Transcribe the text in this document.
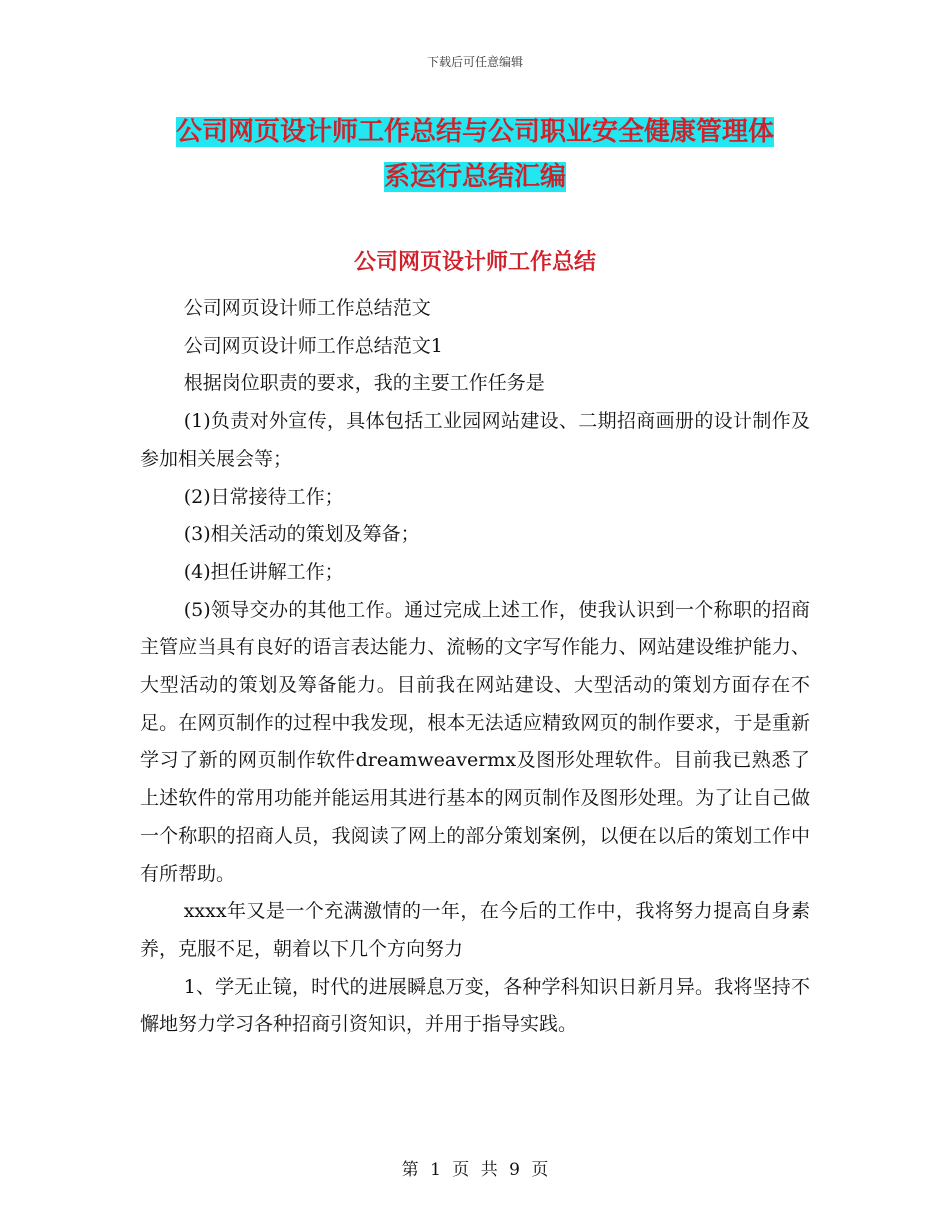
下载后可任意编辑
公司网页设计师工作总结与公司职业安全健康管理体
系运行总结汇编
公司网页设计师工作总结

公司网页设计师工作总结范文

公司网页设计师工作总结范文1

根据岗位职责的要求，我的主要工作任务是

(1)负责对外宣传，具体包括工业园网站建设、二期招商画册的设计制作及参加相关展会等；

(2)日常接待工作；

(3)相关活动的策划及筹备；

(4)担任讲解工作；

(5)领导交办的其他工作。通过完成上述工作，使我认识到一个称职的招商主管应当具有良好的语言表达能力、流畅的文字写作能力、网站建设维护能力、大型活动的策划及筹备能力。目前我在网站建设、大型活动的策划方面存在不足。在网页制作的过程中我发现，根本无法适应精致网页的制作要求，于是重新学习了新的网页制作软件dreamweavermx及图形处理软件。目前我已熟悉了上述软件的常用功能并能运用其进行基本的网页制作及图形处理。为了让自己做一个称职的招商人员，我阅读了网上的部分策划案例，以便在以后的策划工作中有所帮助。

xxxx年又是一个充满激情的一年，在今后的工作中，我将努力提高自身素养，克服不足，朝着以下几个方向努力

1、学无止镜，时代的进展瞬息万变，各种学科知识日新月异。我将坚持不懈地努力学习各种招商引资知识，并用于指导实践。

第 1 页 共 9 页
